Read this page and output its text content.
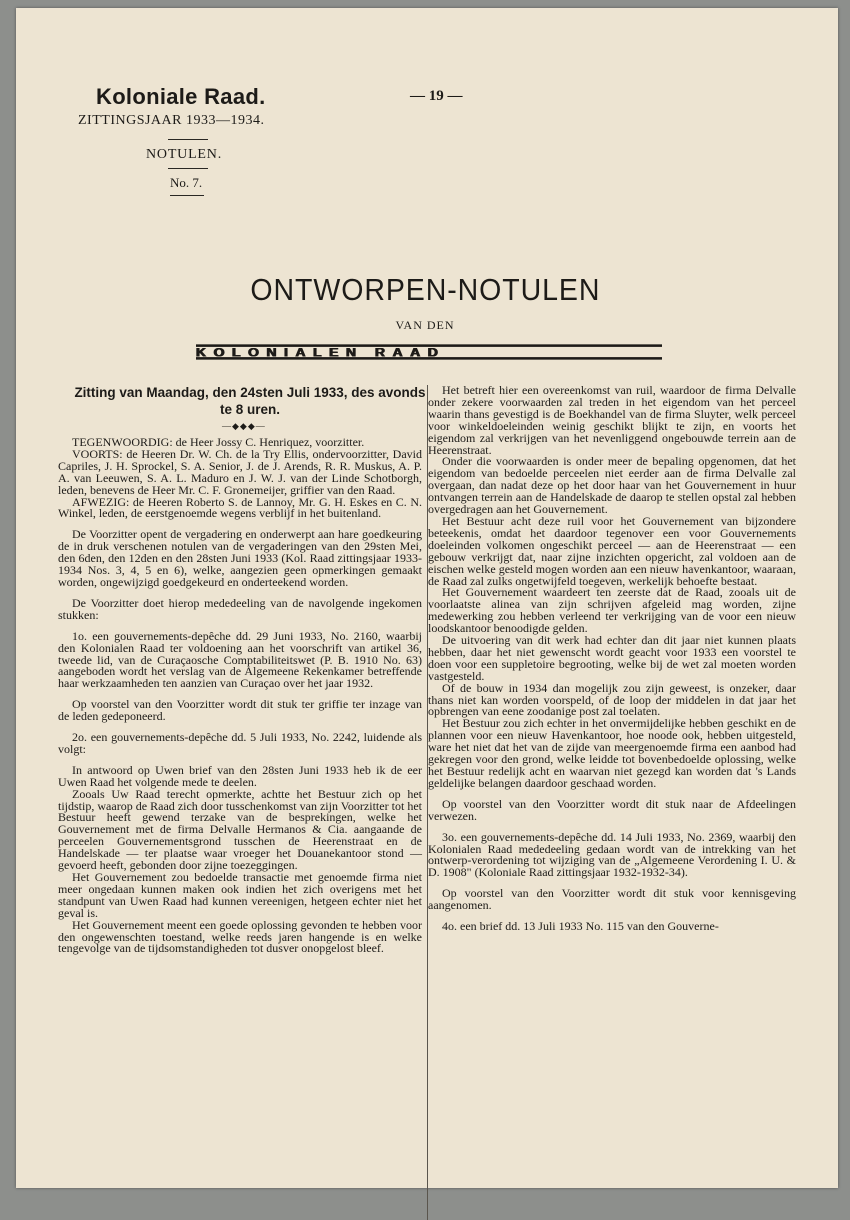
Koloniale Raad.
ZITTINGSJAAR 1933—1934.
— 19 —
NOTULEN.
No. 7.
ONTWORPEN-NOTULEN
VAN DEN
KOLONIALEN RAAD
Zitting van Maandag, den 24sten Juli 1933, des avonds te 8 uren.
—◆◆◆—

TEGENWOORDIG: de Heer Jossy C. Henriquez, voorzitter.

VOORTS: de Heeren Dr. W. Ch. de la Try Ellis, ondervoorzitter, David Capriles, J. H. Sprockel, S. A. Senior, J. de J. Arends, R. R. Muskus, A. P. A. van Leeuwen, S. A. L. Maduro en J. W. J. van der Linde Schotborgh, leden, benevens de Heer Mr. C. F. Gronemeijer, griffier van den Raad.

AFWEZIG: de Heeren Roberto S. de Lannoy, Mr. G. H. Eskes en C. N. Winkel, leden, de eerstgenoemde wegens verblijf in het buitenland.

De Voorzitter opent de vergadering en onderwerpt aan hare goedkeuring de in druk verschenen notulen van de vergaderingen van den 29sten Mei, den 6den, den 12den en den 28sten Juni 1933 (Kol. Raad zittingsjaar 1933-1934 Nos. 3, 4, 5 en 6), welke, aangezien geen opmerkingen gemaakt worden, ongewijzigd goedgekeurd en onderteekend worden.

De Voorzitter doet hierop mededeeling van de navolgende ingekomen stukken:

1o. een gouvernements-depêche dd. 29 Juni 1933, No. 2160, waarbij den Kolonialen Raad ter voldoening aan het voorschrift van artikel 36, tweede lid, van de Curaçaosche Comptabiliteitswet (P. B. 1910 No. 63) aangeboden wordt het verslag van de Algemeene Rekenkamer betreffende haar werkzaamheden ten aanzien van Curaçao over het jaar 1932.

Op voorstel van den Voorzitter wordt dit stuk ter griffie ter inzage van de leden gedeponeerd.

2o. een gouvernements-depêche dd. 5 Juli 1933, No. 2242, luidende als volgt:

In antwoord op Uwen brief van den 28sten Juni 1933 heb ik de eer Uwen Raad het volgende mede te deelen.

Zooals Uw Raad terecht opmerkte, achtte het Bestuur zich op het tijdstip, waarop de Raad zich door tusschenkomst van zijn Voorzitter tot het Bestuur heeft gewend terzake van de besprekingen, welke het Gouvernement met de firma Delvalle Hermanos & Cia. aangaande de perceelen Gouvernementsgrond tusschen de Heerenstraat en de Handelskade — ter plaatse waar vroeger het Douanekantoor stond — gevoerd heeft, gebonden door zijne toezeggingen.

Het Gouvernement zou bedoelde transactie met genoemde firma niet meer ongedaan kunnen maken ook indien het zich overigens met het standpunt van Uwen Raad had kunnen vereenigen, hetgeen echter niet het geval is.

Het Gouvernement meent een goede oplossing gevonden te hebben voor den ongewenschten toestand, welke reeds jaren hangende is en welke tengevolge van de tijdsomstandigheden tot dusver onopgelost bleef.

Het betreft hier een overeenkomst van ruil, waardoor de firma Delvalle onder zekere voorwaarden zal treden in het eigendom van het perceel waarin thans gevestigd is de Boekhandel van de firma Sluyter, welk perceel voor winkeldoeleinden weinig geschikt blijkt te zijn, en voorts het eigendom zal verkrijgen van het nevenliggend ongebouwde terrein aan de Heerenstraat.

Onder die voorwaarden is onder meer de bepaling opgenomen, dat het eigendom van bedoelde perceelen niet eerder aan de firma Delvalle zal overgaan, dan nadat deze op het door haar van het Gouvernement in huur ontvangen terrein aan de Handelskade de daarop te stellen opstal zal hebben overgedragen aan het Gouvernement.

Het Bestuur acht deze ruil voor het Gouvernement van bijzondere beteekenis, omdat het daardoor tegenover een voor Gouvernements doeleinden volkomen ongeschikt perceel — aan de Heerenstraat — een gebouw verkrijgt dat, naar zijne inzichten opgericht, zal voldoen aan de eischen welke gesteld mogen worden aan een nieuw havenkantoor, waaraan, de Raad zal zulks ongetwijfeld toegeven, werkelijk behoefte bestaat.

Het Gouvernement waardeert ten zeerste dat de Raad, zooals uit de voorlaatste alinea van zijn schrijven afgeleid mag worden, zijne medewerking zou hebben verleend ter verkrijging van de voor een nieuw loodskantoor benoodigde gelden.

De uitvoering van dit werk had echter dan dit jaar niet kunnen plaats hebben, daar het niet gewenscht wordt geacht voor 1933 een voorstel te doen voor een suppletoire begrooting, welke bij de wet zal moeten worden vastgesteld.

Of de bouw in 1934 dan mogelijk zou zijn geweest, is onzeker, daar thans niet kan worden voorspeld, of de loop der middelen in dat jaar het opbrengen van eene zoodanige post zal toelaten.

Het Bestuur zou zich echter in het onvermijdelijke hebben geschikt en de plannen voor een nieuw Havenkantoor, hoe noode ook, hebben uitgesteld, ware het niet dat het van de zijde van meergenoemde firma een aanbod had gekregen voor den grond, welke leidde tot bovenbedoelde oplossing, welke het Bestuur redelijk acht en waarvan niet gezegd kan worden dat 's Lands geldelijke belangen daardoor geschaad worden.

Op voorstel van den Voorzitter wordt dit stuk naar de Afdeelingen verwezen.

3o. een gouvernements-depêche dd. 14 Juli 1933, No. 2369, waarbij den Kolonialen Raad mededeeling gedaan wordt van de intrekking van het ontwerp-verordening tot wijziging van de „Algemeene Verordening I. U. & D. 1908" (Koloniale Raad zittingsjaar 1932-1932-34).

Op voorstel van den Voorzitter wordt dit stuk voor kennisgeving aangenomen.

4o. een brief dd. 13 Juli 1933 No. 115 van den Gouverne-
